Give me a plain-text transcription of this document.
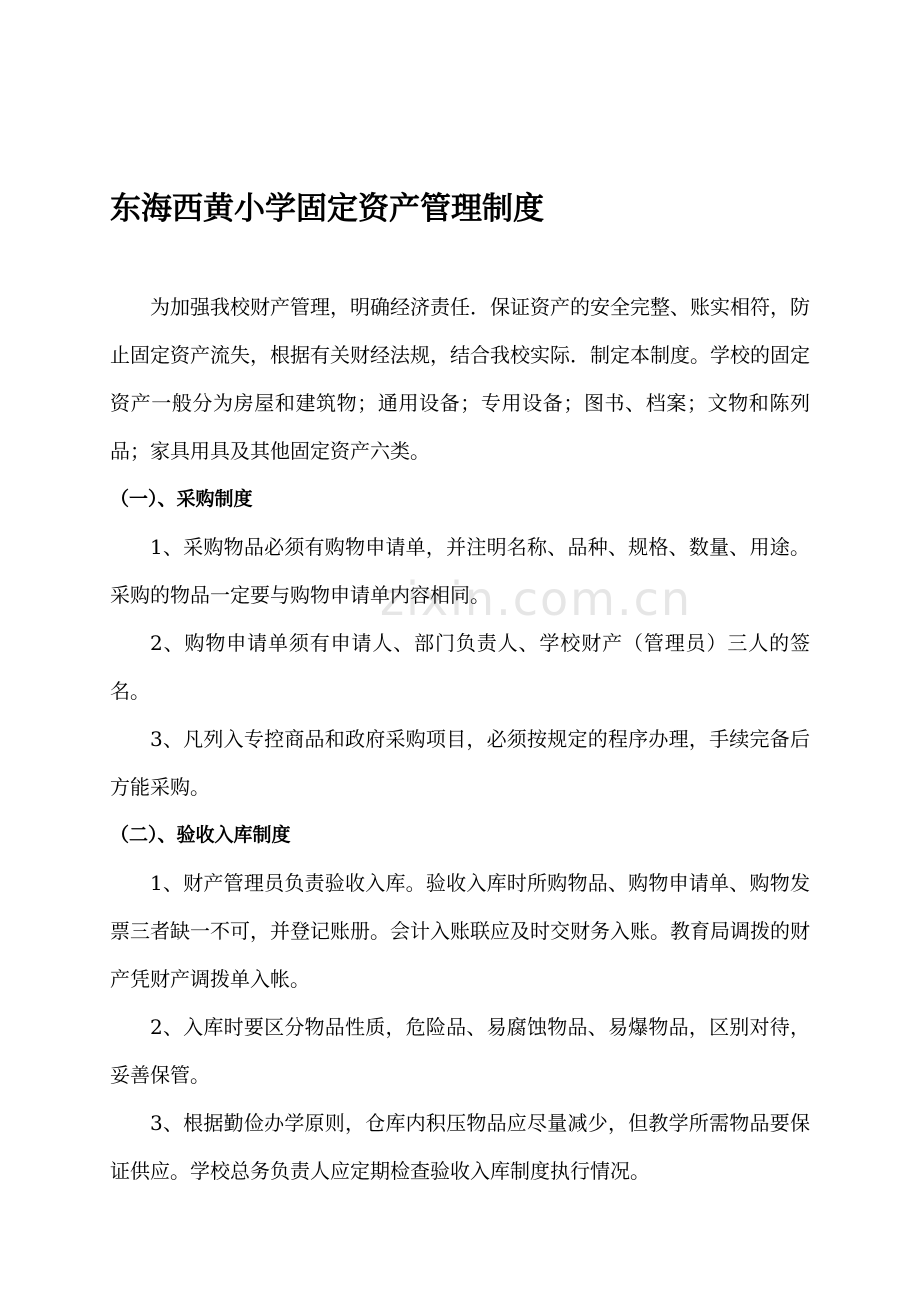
zixin.com.cn
东海西黄小学固定资产管理制度

为加强我校财产管理，明确经济责任．保证资产的安全完整、账实相符，防止固定资产流失，根据有关财经法规，结合我校实际．制定本制度。学校的固定资产一般分为房屋和建筑物；通用设备；专用设备；图书、档案；文物和陈列品；家具用具及其他固定资产六类。

（一）、采购制度

1、采购物品必须有购物申请单，并注明名称、品种、规格、数量、用途。采购的物品一定要与购物申请单内容相同。

2、购物申请单须有申请人、部门负责人、学校财产（管理员）三人的签名。

3、凡列入专控商品和政府采购项目，必须按规定的程序办理，手续完备后方能采购。

（二）、验收入库制度

1、财产管理员负责验收入库。验收入库时所购物品、购物申请单、购物发票三者缺一不可，并登记账册。会计入账联应及时交财务入账。教育局调拨的财产凭财产调拨单入帐。

2、入库时要区分物品性质，危险品、易腐蚀物品、易爆物品，区别对待，妥善保管。

3、根据勤俭办学原则，仓库内积压物品应尽量减少，但教学所需物品要保证供应。学校总务负责人应定期检查验收入库制度执行情况。
